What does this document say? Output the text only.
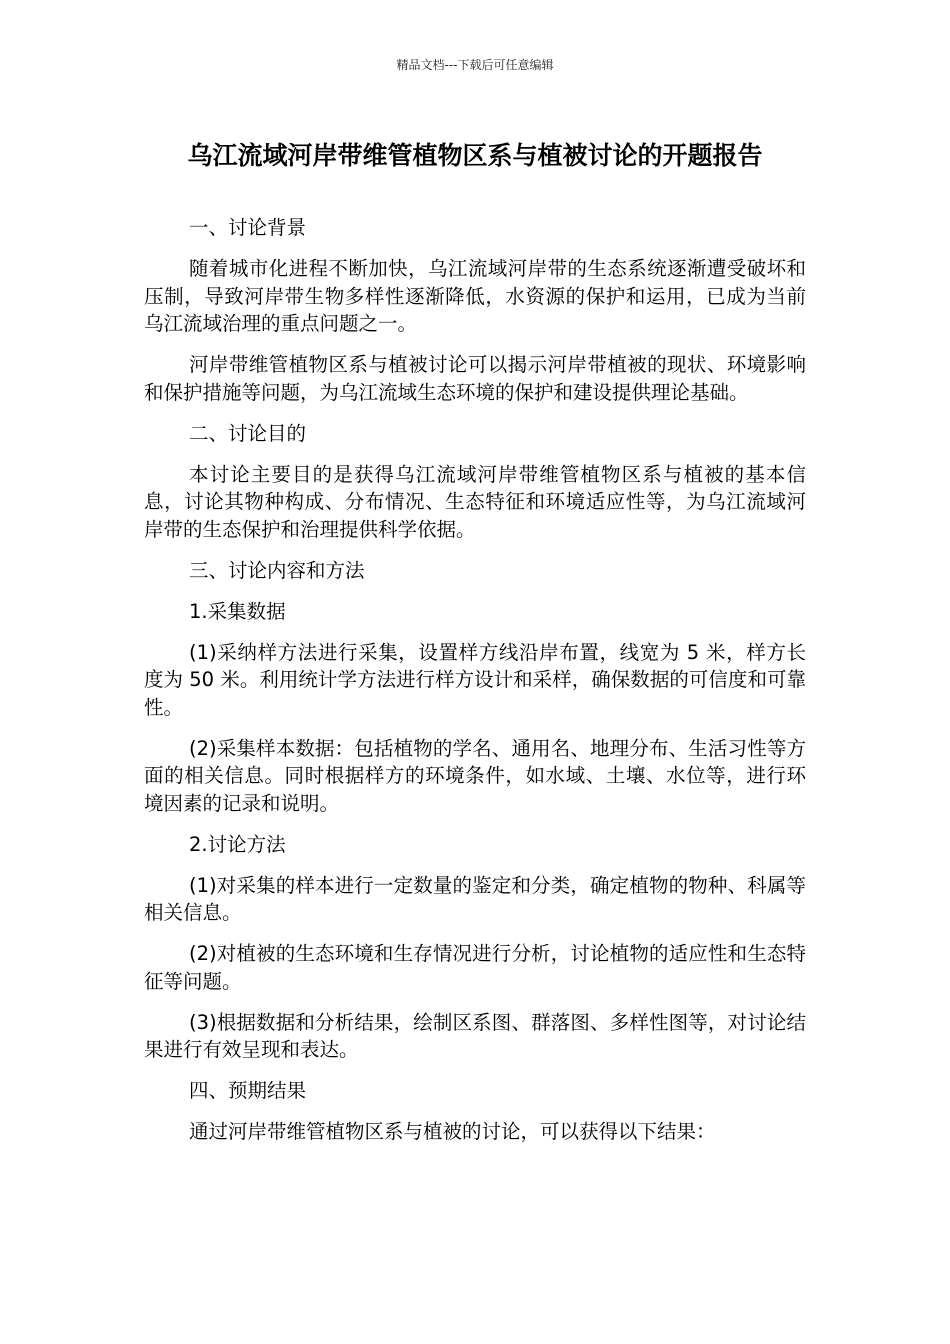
精品文档---下载后可任意编辑
乌江流域河岸带维管植物区系与植被讨论的开题报告

一、讨论背景

随着城市化进程不断加快，乌江流域河岸带的生态系统逐渐遭受破坏和压制，导致河岸带生物多样性逐渐降低，水资源的保护和运用，已成为当前乌江流域治理的重点问题之一。

河岸带维管植物区系与植被讨论可以揭示河岸带植被的现状、环境影响和保护措施等问题，为乌江流域生态环境的保护和建设提供理论基础。

二、讨论目的

本讨论主要目的是获得乌江流域河岸带维管植物区系与植被的基本信息，讨论其物种构成、分布情况、生态特征和环境适应性等，为乌江流域河岸带的生态保护和治理提供科学依据。

三、讨论内容和方法

1.采集数据

(1)采纳样方法进行采集，设置样方线沿岸布置，线宽为 5 米，样方长度为 50 米。利用统计学方法进行样方设计和采样，确保数据的可信度和可靠性。

(2)采集样本数据：包括植物的学名、通用名、地理分布、生活习性等方面的相关信息。同时根据样方的环境条件，如水域、土壤、水位等，进行环境因素的记录和说明。

2.讨论方法

(1)对采集的样本进行一定数量的鉴定和分类，确定植物的物种、科属等相关信息。

(2)对植被的生态环境和生存情况进行分析，讨论植物的适应性和生态特征等问题。

(3)根据数据和分析结果，绘制区系图、群落图、多样性图等，对讨论结果进行有效呈现和表达。

四、预期结果

通过河岸带维管植物区系与植被的讨论，可以获得以下结果：
